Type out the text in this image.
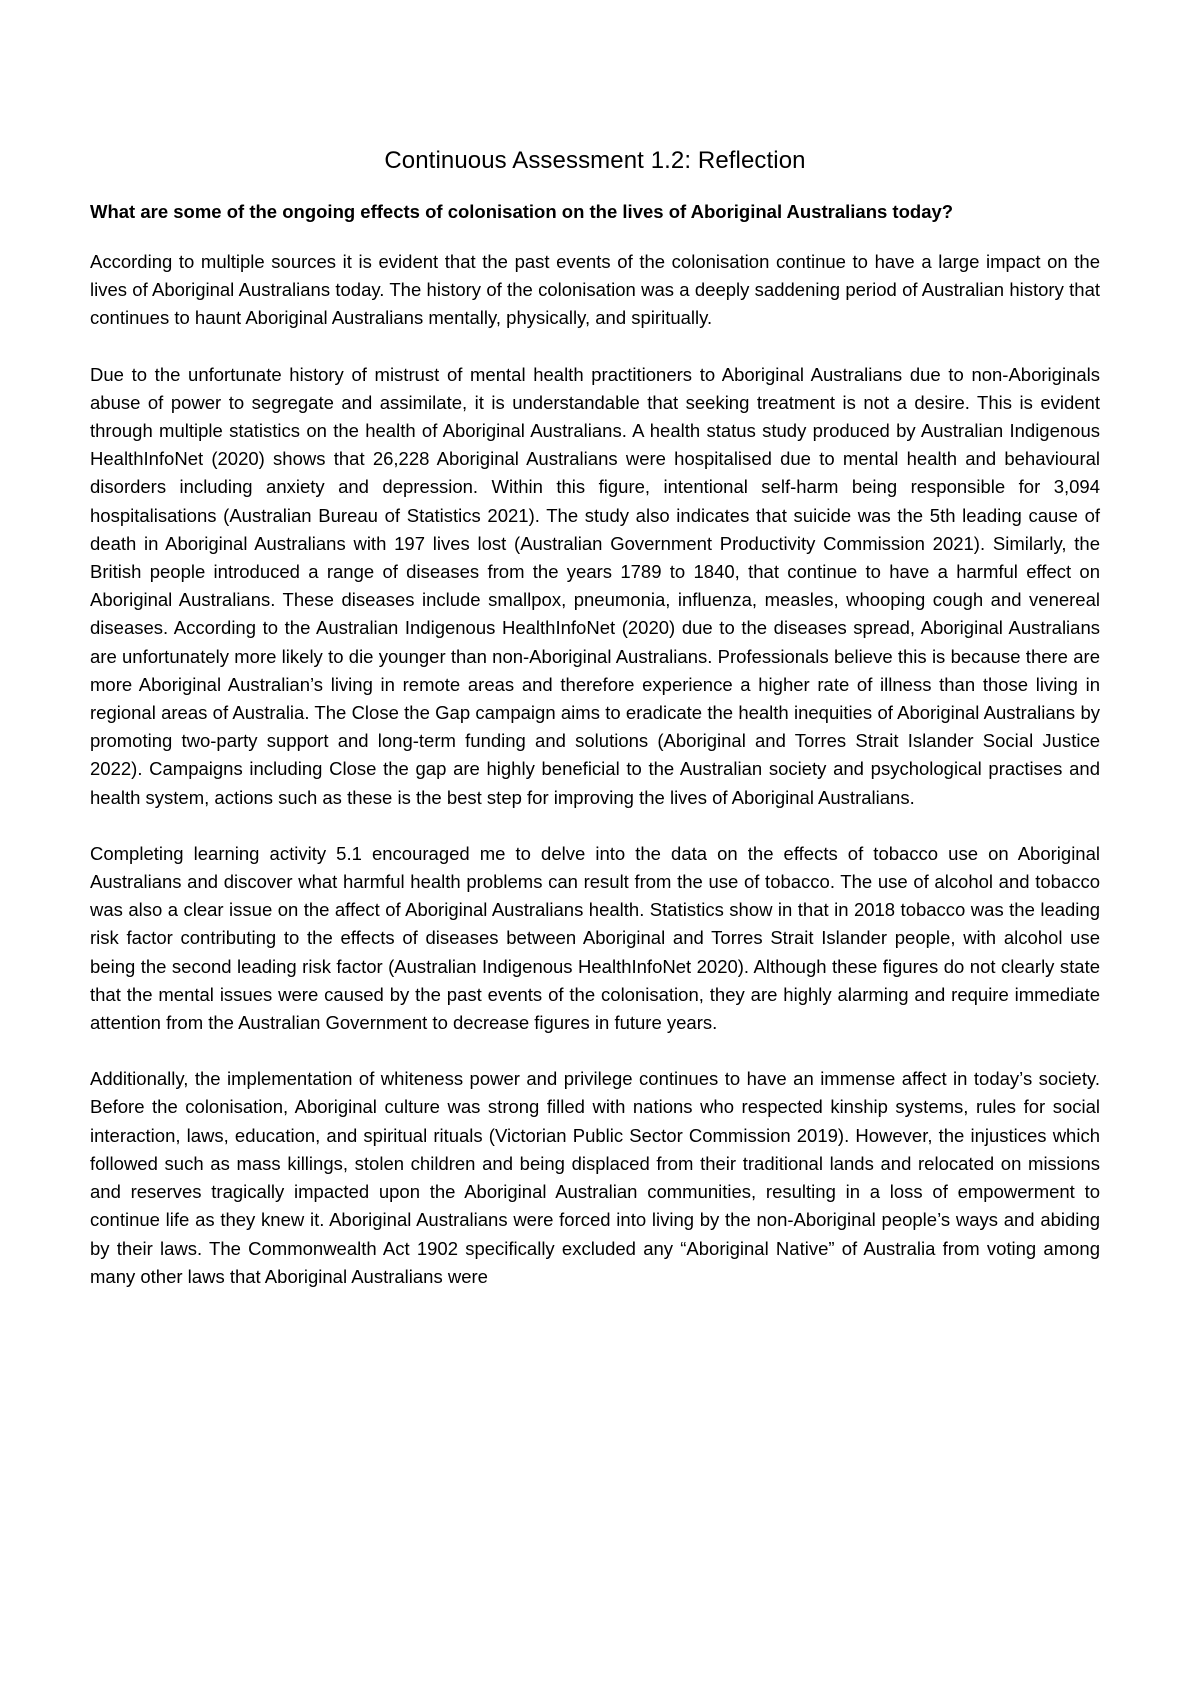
Continuous Assessment 1.2: Reflection

What are some of the ongoing effects of colonisation on the lives of Aboriginal Australians today?

According to multiple sources it is evident that the past events of the colonisation continue to have a large impact on the lives of Aboriginal Australians today. The history of the colonisation was a deeply saddening period of Australian history that continues to haunt Aboriginal Australians mentally, physically, and spiritually.

Due to the unfortunate history of mistrust of mental health practitioners to Aboriginal Australians due to non-Aboriginals abuse of power to segregate and assimilate, it is understandable that seeking treatment is not a desire. This is evident through multiple statistics on the health of Aboriginal Australians. A health status study produced by Australian Indigenous HealthInfoNet (2020) shows that 26,228 Aboriginal Australians were hospitalised due to mental health and behavioural disorders including anxiety and depression. Within this figure, intentional self-harm being responsible for 3,094 hospitalisations (Australian Bureau of Statistics 2021). The study also indicates that suicide was the 5th leading cause of death in Aboriginal Australians with 197 lives lost (Australian Government Productivity Commission 2021). Similarly, the British people introduced a range of diseases from the years 1789 to 1840, that continue to have a harmful effect on Aboriginal Australians. These diseases include smallpox, pneumonia, influenza, measles, whooping cough and venereal diseases. According to the Australian Indigenous HealthInfoNet (2020) due to the diseases spread, Aboriginal Australians are unfortunately more likely to die younger than non-Aboriginal Australians. Professionals believe this is because there are more Aboriginal Australian’s living in remote areas and therefore experience a higher rate of illness than those living in regional areas of Australia. The Close the Gap campaign aims to eradicate the health inequities of Aboriginal Australians by promoting two-party support and long-term funding and solutions (Aboriginal and Torres Strait Islander Social Justice 2022). Campaigns including Close the gap are highly beneficial to the Australian society and psychological practises and health system, actions such as these is the best step for improving the lives of Aboriginal Australians.

Completing learning activity 5.1 encouraged me to delve into the data on the effects of tobacco use on Aboriginal Australians and discover what harmful health problems can result from the use of tobacco. The use of alcohol and tobacco was also a clear issue on the affect of Aboriginal Australians health. Statistics show in that in 2018 tobacco was the leading risk factor contributing to the effects of diseases between Aboriginal and Torres Strait Islander people, with alcohol use being the second leading risk factor (Australian Indigenous HealthInfoNet 2020). Although these figures do not clearly state that the mental issues were caused by the past events of the colonisation, they are highly alarming and require immediate attention from the Australian Government to decrease figures in future years.

Additionally, the implementation of whiteness power and privilege continues to have an immense affect in today’s society. Before the colonisation, Aboriginal culture was strong filled with nations who respected kinship systems, rules for social interaction, laws, education, and spiritual rituals (Victorian Public Sector Commission 2019). However, the injustices which followed such as mass killings, stolen children and being displaced from their traditional lands and relocated on missions and reserves tragically impacted upon the Aboriginal Australian communities, resulting in a loss of empowerment to continue life as they knew it. Aboriginal Australians were forced into living by the non-Aboriginal people’s ways and abiding by their laws. The Commonwealth Act 1902 specifically excluded any “Aboriginal Native” of Australia from voting among many other laws that Aboriginal Australians were
